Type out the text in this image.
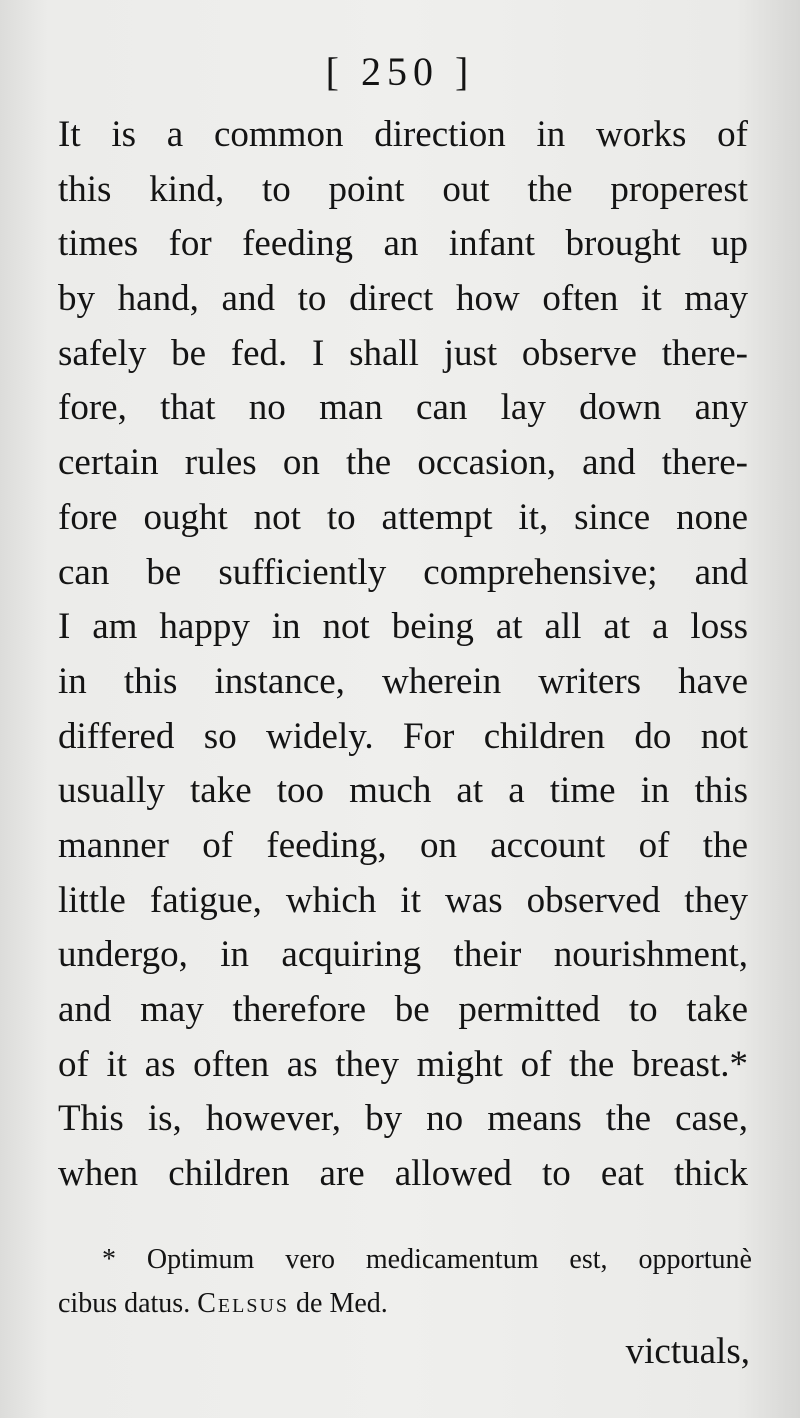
[ 250 ]
It is a common direction in works of
this kind, to point out the properest
times for feeding an infant brought up
by hand, and to direct how often it may
safely be fed. I shall just observe there-
fore, that no man can lay down any
certain rules on the occasion, and there-
fore ought not to attempt it, since none
can be sufficiently comprehensive; and
I am happy in not being at all at a loss
in this instance, wherein writers have
differed so widely. For children do not
usually take too much at a time in this
manner of feeding, on account of the
little fatigue, which it was observed they
undergo, in acquiring their nourishment,
and may therefore be permitted to take
of it as often as they might of the breast.*
This is, however, by no means the case,
when children are allowed to eat thick
* Optimum vero medicamentum est, opportunè
cibus datus. Celsus de Med.
victuals,
